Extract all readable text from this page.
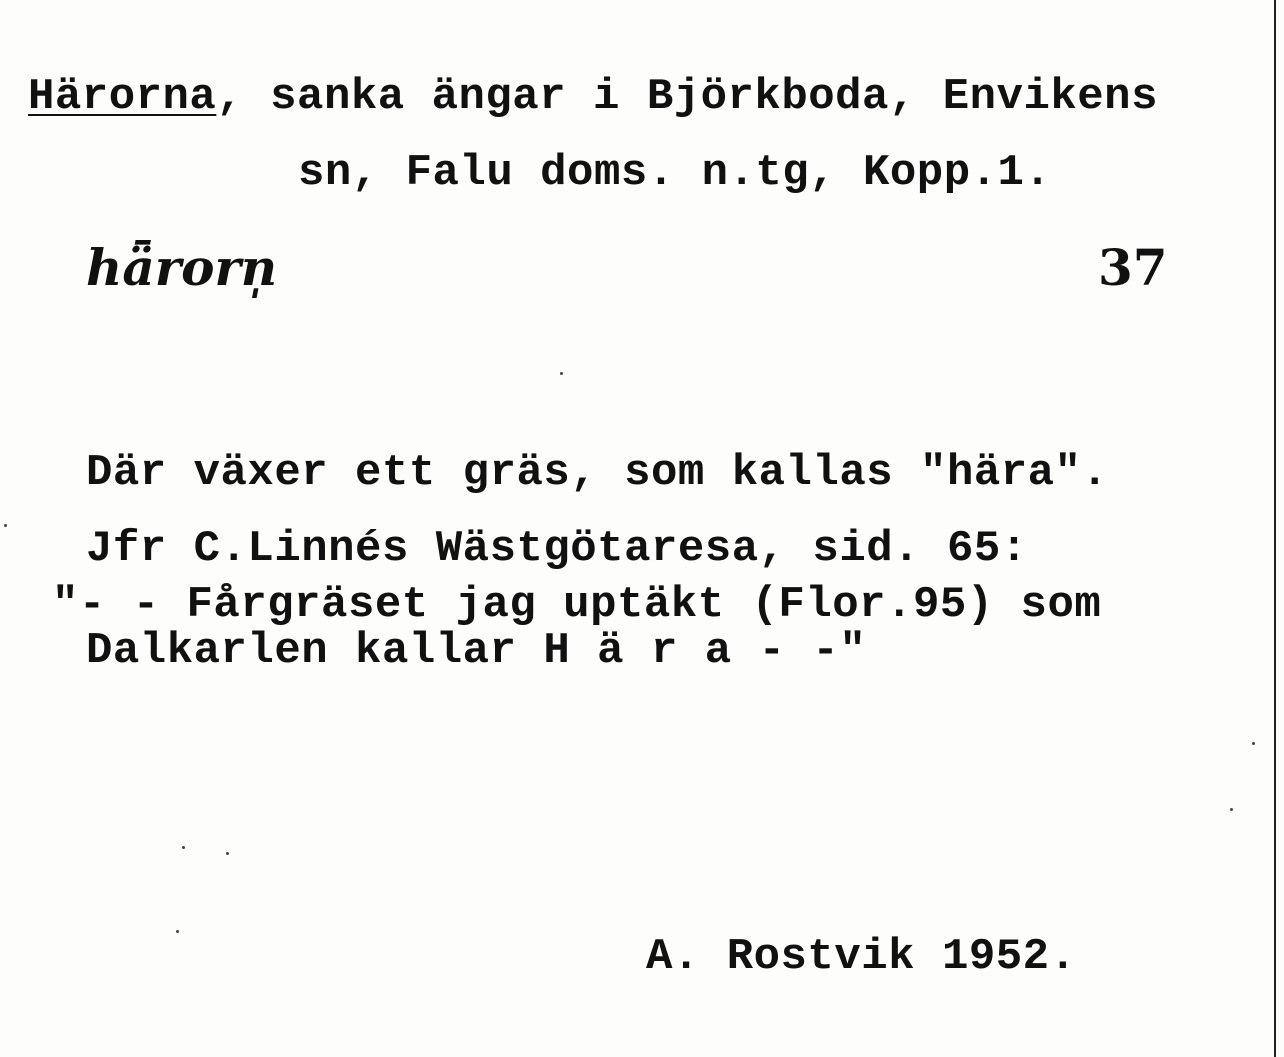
Härorna, sanka ängar i Björkboda, Envikens
sn, Falu doms. n.tg, Kopp.1.
hǟrorn̩	37
Där växer ett gräs, som kallas "hära".
Jfr C.Linnés Wästgötaresa, sid. 65:
"- - Fårgräset jag uptäkt (Flor.95) som
Dalkarlen kallar H ä r a - -"
A. Rostvik 1952.
